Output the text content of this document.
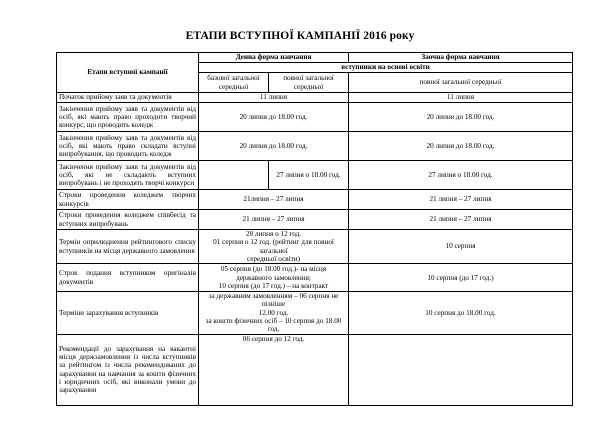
ЕТАПИ ВСТУПНОЇ КАМПАНІЇ 2016 року
Етапи вступної кампанії	Денна форма навчання		Заочна форма навчання
	вступники на основі освіти		
	базової загальної середньої	повної загальної середньої	повної загальної середньої
Початок прийому заяв та документів	11 липня		11 липня
Закінчення прийому заяв та документів від осіб, які мають право проходити творчий конкурс, що проводить коледж	20 липня до 18.00 год.		20 липня до 18.00 год.
Закінчення прийому заяв та документів від осіб, які мають право складати вступні випробування, що проводить коледж	20 липня до 18.00 год.		20 липня до 18.00 год.
Закінчення прийому заяв та документів від осіб, які не складають вступних випробувань і не проходять творчі конкурси		27 липня о 18.00 год.	27 липня о 18.00 год.
Строки проведення коледжем творчих конкурсів	21липня – 27 липня		21 липня – 27 липня
Строки проведення коледжем співбесід та вступних випробувань	21 липня – 27 липня		21 липня – 27 липня
Термін оприлюднення рейтингового списку вступників на місця державного замовлення	28 липня о 12 год.
01 серпня о 12 год. (рейтинг для повної загальної
середньої освіти)		10 серпня
Строк подання вступником оригіналів документів	05 серпня (до 18.00 год.)- на місця
державного замовлення;
10 серпня (до 17 год.) – на контракт		10 серпня (до 17 год.)
Терміни зарахування вступників	за державним замовленням – 06 серпня не пізніше
12.00 год.
за кошти фізичних осіб – 10 серпня до 18.00 год.		10 серпня до 18.00 год.
Рекомендації до зарахування на вакантні місця держзамовлення із числа вступників за рейтингом із числа рекомендованих до зарахування на навчання за кошти фізичних і юридичних осіб, які виконали умови до зарахування	06 серпня до 12 год.		
